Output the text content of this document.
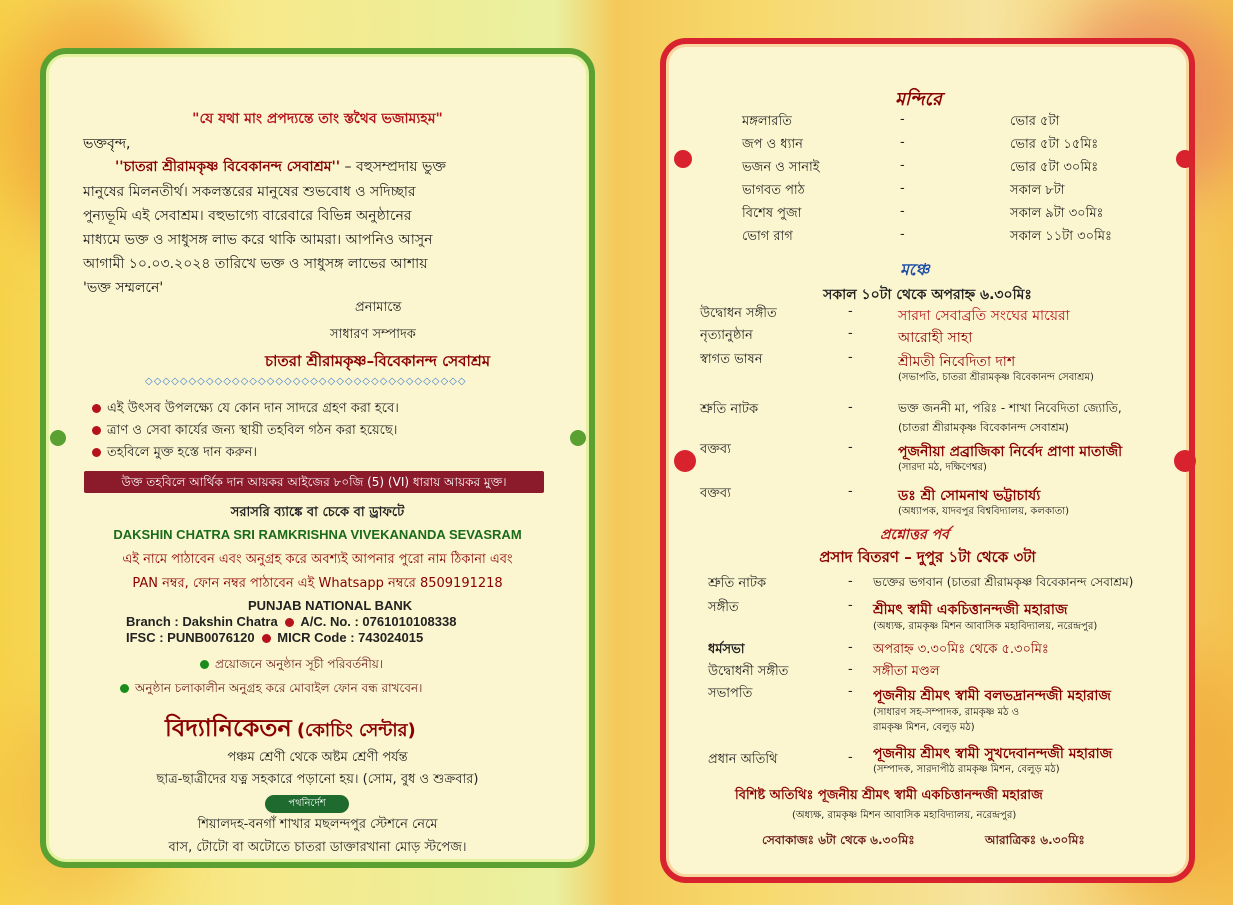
"যে যথা মাং প্রপদ্যন্তে তাং স্তথৈব ভজাম্যহম"
ভক্তবৃন্দ,
''চাতরা শ্রীরামকৃষ্ণ বিবেকানন্দ সেবাশ্রম'' – বহুসম্প্রদায় ভুক্ত
মানুষের মিলনতীর্থ। সকলস্তরের মানুষের শুভবোধ ও সদিচ্ছার
পুন্যভূমি এই সেবাশ্রম। বহুভাগ্যে বারেবারে বিভিন্ন অনুষ্ঠানের
মাধ্যমে ভক্ত ও সাধুসঙ্গ লাভ করে থাকি আমরা। আপনিও আসুন
আগামী ১০.০৩.২০২৪ তারিখে ভক্ত ও সাধুসঙ্গ লাভের আশায়
'ভক্ত সম্মলনে'
প্রনামান্তে
সাধারণ সম্পাদক
চাতরা শ্রীরামকৃষ্ণ–বিবেকানন্দ সেবাশ্রম
◇◇◇◇◇◇◇◇◇◇◇◇◇◇◇◇◇◇◇◇◇◇◇◇◇◇◇◇◇◇◇◇◇◇◇◇◇
এই উৎসব উপলক্ষ্যে যে কোন দান সাদরে গ্রহণ করা হবে।
ত্রাণ ও সেবা কার্যের জন্য স্থায়ী তহবিল গঠন করা হয়েছে।
তহবিলে মুক্ত হস্তে দান করুন।
উক্ত তহবিলে আর্থিক দান আয়কর আইজের ৮০জি (5) (VI) ধারায় আয়কর মুক্ত।
সরাসরি ব্যাঙ্কে বা চেকে বা ড্রাফটে
DAKSHIN CHATRA SRI RAMKRISHNA VIVEKANANDA SEVASRAM
এই নামে পাঠাবেন এবং অনুগ্রহ করে অবশ্যই আপনার পুরো নাম ঠিকানা এবং
PAN নম্বর, ফোন নম্বর পাঠাবেন এই Whatsapp নম্বরে 8509191218
PUNJAB NATIONAL BANK
Branch : Dakshin Chatra A/C. No. : 0761010108338
IFSC : PUNB0076120 MICR Code : 743024015
প্রয়োজনে অনুষ্ঠান সূচী পরিবর্তনীয়।
অনুষ্ঠান চলাকালীন অনুগ্রহ করে মোবাইল ফোন বন্ধ রাখবেন।
বিদ্যানিকেতন (কোচিং সেন্টার)
পঞ্চম শ্রেণী থেকে অষ্টম শ্রেণী পর্যন্ত
ছাত্র-ছাত্রীদের যত্ন সহকারে পড়ানো হয়। (সোম, বুধ ও শুক্রবার)
পথনির্দেশ
শিয়ালদহ-বনগাঁ শাখার মছলন্দপুর স্টেশনে নেমে
বাস, টোটো বা অটোতে চাতরা ডাক্তারখানা মোড় স্টপেজ।
মন্দিরে
মঙ্গলারতি	-	ভোর ৫টা
জপ ও ধ্যান	-	ভোর ৫টা ১৫মিঃ
ভজন ও সানাই	-	ভোর ৫টা ৩০মিঃ
ভাগবত পাঠ	-	সকাল ৮টা
বিশেষ পুজা	-	সকাল ৯টা ৩০মিঃ
ভোগ রাগ	-	সকাল ১১টা ৩০মিঃ
মঞ্চে
সকাল ১০টা থেকে অপরাহ্ন ৬.৩০মিঃ
উদ্বোধন সঙ্গীত	-	সারদা সেবাব্রতি সংঘের মায়েরা
নৃত্যানুষ্ঠান	-	আরোহী সাহা
স্বাগত ভাষন	-	শ্রীমতী নিবেদিতা দাশ
(সভাপতি, চাতরা শ্রীরামকৃষ্ণ বিবেকানন্দ সেবাশ্রম)
শ্রুতি নাটক	-	ভক্ত জননী মা, পরিঃ - শাখা নিবেদিতা জ্যোতি,
(চাতরা শ্রীরামকৃষ্ণ বিবেকানন্দ সেবাশ্রম)
বক্তব্য	-	পূজনীয়া প্রব্রাজিকা নির্বেদ প্রাণা মাতাজী
(সারদা মঠ, দক্ষিণেশ্বর)
বক্তব্য	-	ডঃ শ্রী সোমনাথ ভট্টাচার্য্য
(অধ্যাপক, যাদবপুর বিশ্ববিদ্যালয়, কলকাতা)
প্রশ্নোত্তর পর্ব
প্রসাদ বিতরণ – দুপুর ১টা থেকে ৩টা
শ্রুতি নাটক	- ভক্তের ভগবান (চাতরা শ্রীরামকৃষ্ণ বিবেকানন্দ সেবাশ্রম)
সঙ্গীত	- শ্রীমৎ স্বামী একচিত্তানন্দজী মহারাজ
(অধ্যক্ষ, রামকৃষ্ণ মিশন আবাসিক মহাবিদ্যালয়, নরেন্দ্রপুর)
ধর্মসভা	- অপরাহ্ন ৩.৩০মিঃ থেকে ৫.৩০মিঃ
উদ্বোধনী সঙ্গীত	- সঙ্গীতা মণ্ডল
সভাপতি	- পূজনীয় শ্রীমৎ স্বামী বলভদ্রানন্দজী মহারাজ
(সাধারণ সহ-সম্পাদক, রামকৃষ্ণ মঠ ও
রামকৃষ্ণ মিশন, বেলুড় মঠ)
প্রধান অতিথি	- পূজনীয় শ্রীমৎ স্বামী সুখদেবানন্দজী মহারাজ
(সম্পাদক, সারদাপীঠ রামকৃষ্ণ মিশন, বেলুড় মঠ)
বিশিষ্ট অতিথিঃ পূজনীয় শ্রীমৎ স্বামী একচিত্তানন্দজী মহারাজ
(অধ্যক্ষ, রামকৃষ্ণ মিশন আবাসিক মহাবিদ্যালয়, নরেন্দ্রপুর)
সেবাকাজঃ ৬টা থেকে ৬.৩০মিঃ	আরাত্রিকঃ ৬.৩০মিঃ
